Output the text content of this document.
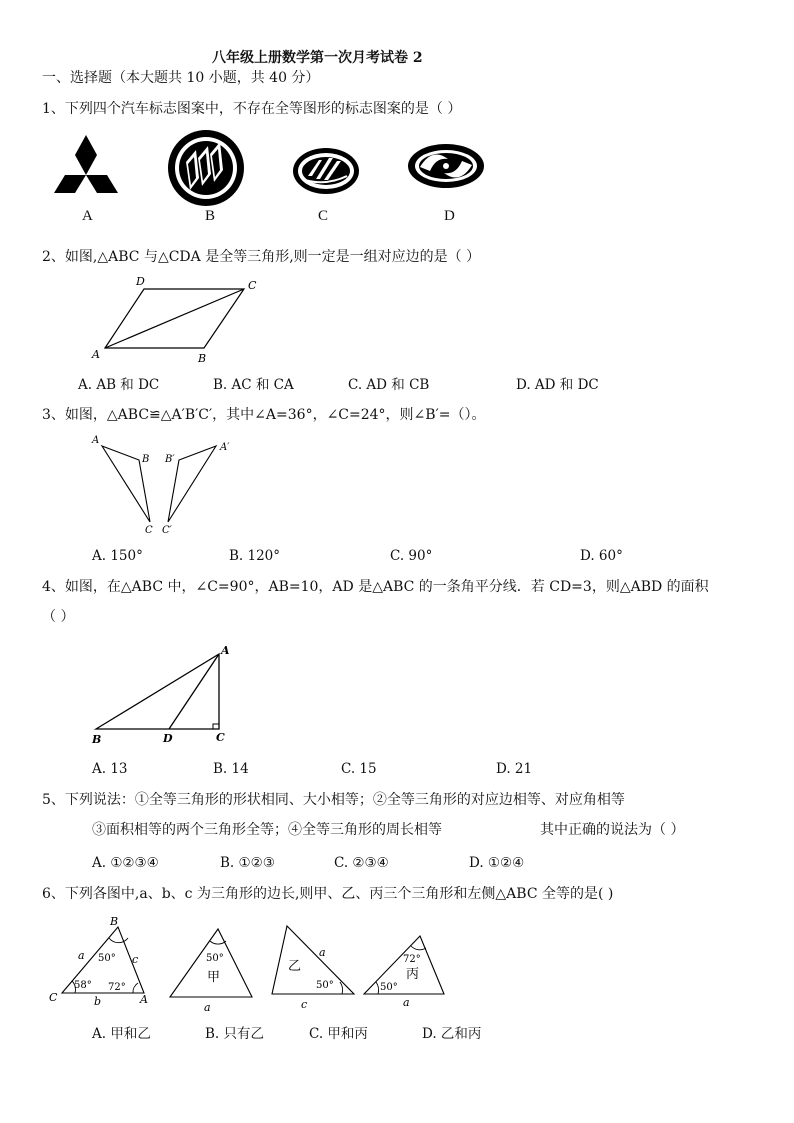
八年级上册数学第一次月考试卷 2
一、选择题（本大题共 10 小题，共 40 分）
1、下列四个汽车标志图案中，不存在全等图形的标志图案的是（ ）
A	B	C	D
2、如图,△ABC 与△CDA 是全等三角形,则一定是一组对应边的是（ ）
A	B
C
D
A. AB 和 DC	B. AC 和 CA	C. AD 和 CB	D. AD 和 DC
3、如图，△ABC≌△A′B′C′，其中∠A=36°，∠C=24°，则∠B′=（）。
A
B
C
A′
B′
C′
A. 150°	B. 120°	C. 90°	D. 60°
4、如图，在△ABC 中，∠C=90°，AB=10，AD 是△ABC 的一条角平分线．若 CD=3，则△ABD 的面积
（ ）
A
B	C
D
A. 13	B. 14	C. 15	D. 21
5、下列说法：①全等三角形的形状相同、大小相等；②全等三角形的对应边相等、对应角相等
③面积相等的两个三角形全等；④全等三角形的周长相等	其中正确的说法为（ ）
A. ①②③④	B. ①②③	C. ②③④	D. ①②④
6、下列各图中,a、b、c 为三角形的边长,则甲、乙、丙三个三角形和左侧△ABC 全等的是( )
B
C	A
a
b
c
50°
58° 72°
50°
甲
a
乙
50°
a
c
72°
丙
50°
a
A. 甲和乙	B. 只有乙	C. 甲和丙	D. 乙和丙
